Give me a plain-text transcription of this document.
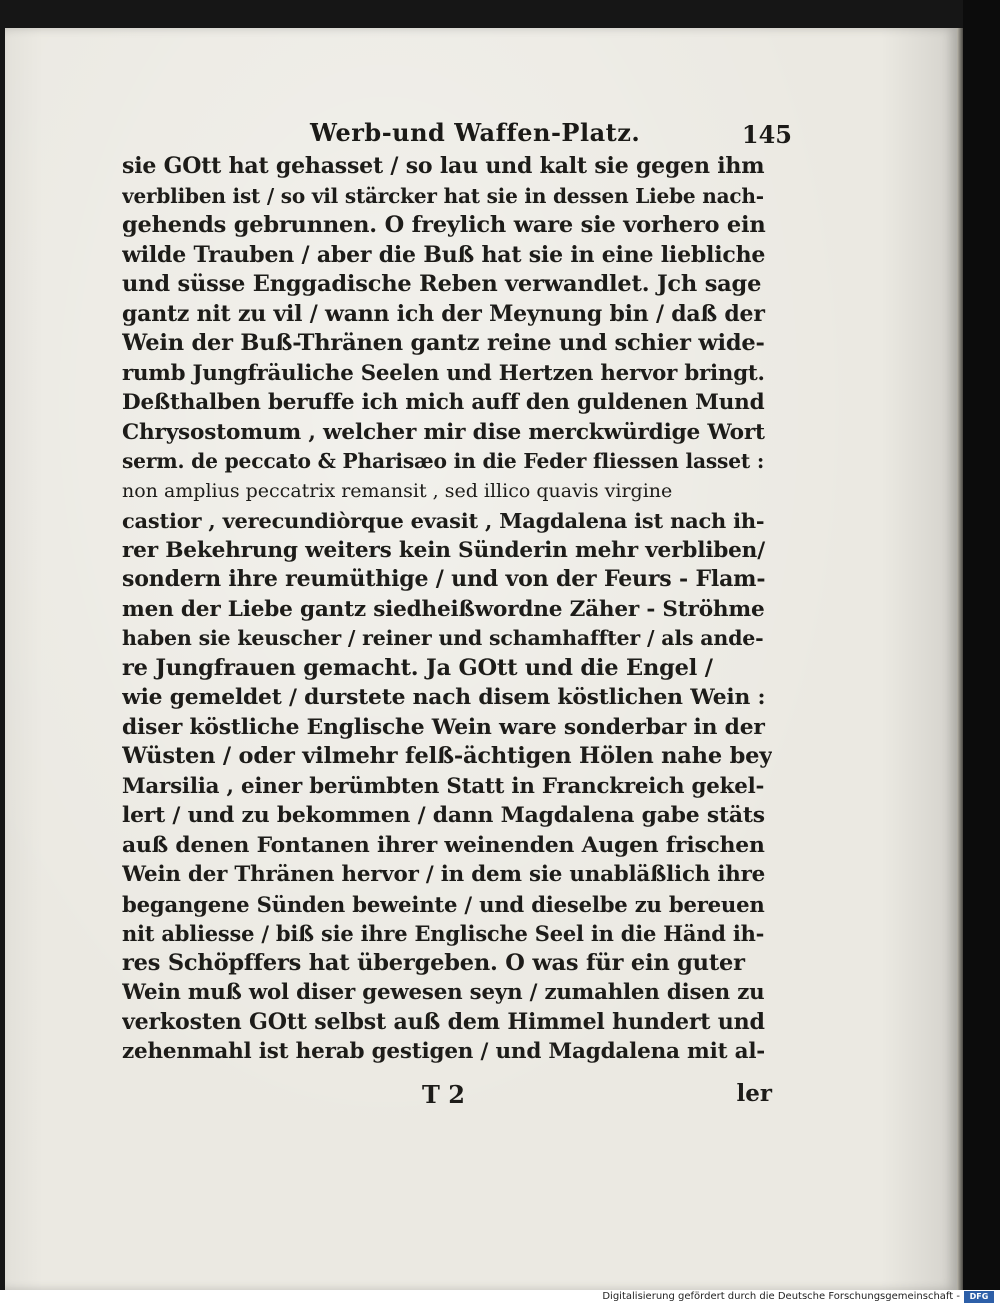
Werb-und Waffen-Platz.	145
sie GOtt hat gehasset / so lau und kalt sie gegen ihm
verbliben ist / so vil stärcker hat sie in dessen Liebe nach-
gehends gebrunnen. O freylich ware sie vorhero ein
wilde Trauben / aber die Buß hat sie in eine liebliche
und süsse Enggadische Reben verwandlet. Jch sage
gantz nit zu vil / wann ich der Meynung bin / daß der
Wein der Buß-Thränen gantz reine und schier wide-
rumb Jungfräuliche Seelen und Hertzen hervor bringt.
Deßthalben beruffe ich mich auff den guldenen Mund
Chrysostomum , welcher mir dise merckwürdige Wort
serm. de peccato & Pharisæo in die Feder fliessen lasset :
non amplius peccatrix remansit , sed illico quavis virgine
castior , verecundiòrque evasit , Magdalena ist nach ih-
rer Bekehrung weiters kein Sünderin mehr verbliben/
sondern ihre reumüthige / und von der Feurs - Flam-
men der Liebe gantz siedheißwordne Zäher - Ströhme
haben sie keuscher / reiner und schamhaffter / als ande-
re Jungfrauen gemacht. Ja GOtt und die Engel /
wie gemeldet / durstete nach disem köstlichen Wein :
diser köstliche Englische Wein ware sonderbar in der
Wüsten / oder vilmehr felß-ächtigen Hölen nahe bey
Marsilia , einer berümbten Statt in Franckreich gekel-
lert / und zu bekommen / dann Magdalena gabe stäts
auß denen Fontanen ihrer weinenden Augen frischen
Wein der Thränen hervor / in dem sie unabläßlich ihre
begangene Sünden beweinte / und dieselbe zu bereuen
nit abliesse / biß sie ihre Englische Seel in die Händ ih-
res Schöpffers hat übergeben. O was für ein guter
Wein muß wol diser gewesen seyn / zumahlen disen zu
verkosten GOtt selbst auß dem Himmel hundert und
zehenmahl ist herab gestigen / und Magdalena mit al-
T 2	ler
Digitalisierung gefördert durch die Deutsche Forschungsgemeinschaft -	DFG
